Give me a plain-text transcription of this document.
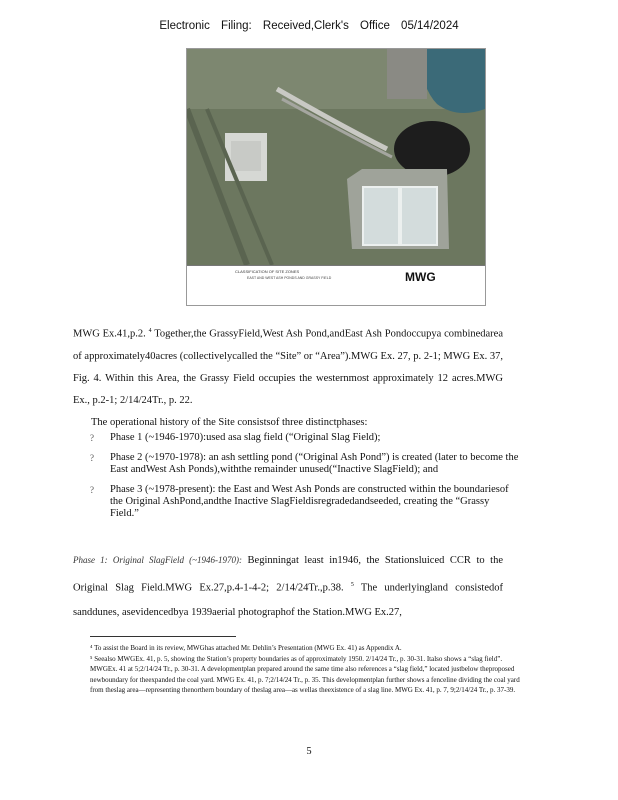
Electronic Filing: Received,Clerk's Office 05/14/2024
CLASSIFICATION OF SITE ZONES
EAST AND WEST ASH PONDS AND GRASSY FIELD	MWG

MWG Ex.41,p.2. $^4$ Together,the GrassyField,West Ash Pond,andEast Ash Pondoccupya combinedarea of approximately40acres (collectivelycalled the “Site” or “Area”).MWG Ex. 27, p. 2-1; MWG Ex. 37, Fig. 4. Within this Area, the Grassy Field occupies the westernmost approximately 12 acres.MWG Ex., p.2-1; 2/14/24Tr., p. 22.

The operational history of the Site consistsof three distinctphases:

? Phase 1 (~1946-1970):used asa slag field (“Original Slag Field);
? Phase 2 (~1970-1978): an ash settling pond (“Original Ash Pond”) is created (later to become the East andWest Ash Ponds),withthe remainder unused(“Inactive SlagField); and
? Phase 3 (~1978-present): the East and West Ash Ponds are constructed within the boundariesof the Original AshPond,andthe Inactive SlagFieldisregradedandseeded, creating the “Grassy Field.”

Phase 1: Original SlagField (~1946-1970): Beginningat least in1946, the Stationsluiced CCR to the Original Slag Field.MWG Ex.27,p.4-1-4-2; 2/14/24Tr.,p.38. $^5$ The underlyingland consistedof sanddunes, asevidencedbya 1939aerial photographof the Station.MWG Ex.27,

⁴ To assist the Board in its review, MWGhas attached Mr. Dehlin’s Presentation (MWG Ex. 41) as Appendix A.

⁵ Seealso MWGEx. 41, p. 5, showing the Station’s property boundaries as of approximately 1950. 2/14/24 Tr., p. 30-31. Italso shows a “slag field”. MWGEx. 41 at 5;2/14/24 Tr., p. 30-31. A developmentplan prepared around the same time also references a “slag field,” located justbelow theproposed newboundary for theexpanded the coal yard. MWG Ex. 41, p. 7;2/14/24 Tr., p. 35. This developmentplan further shows a fenceline dividing the coal yard from theslag area—representing thenorthern boundary of theslag area—as wellas theexistence of a slag line. MWG Ex. 41, p. 7, 9;2/14/24 Tr., p. 37-39.

5
